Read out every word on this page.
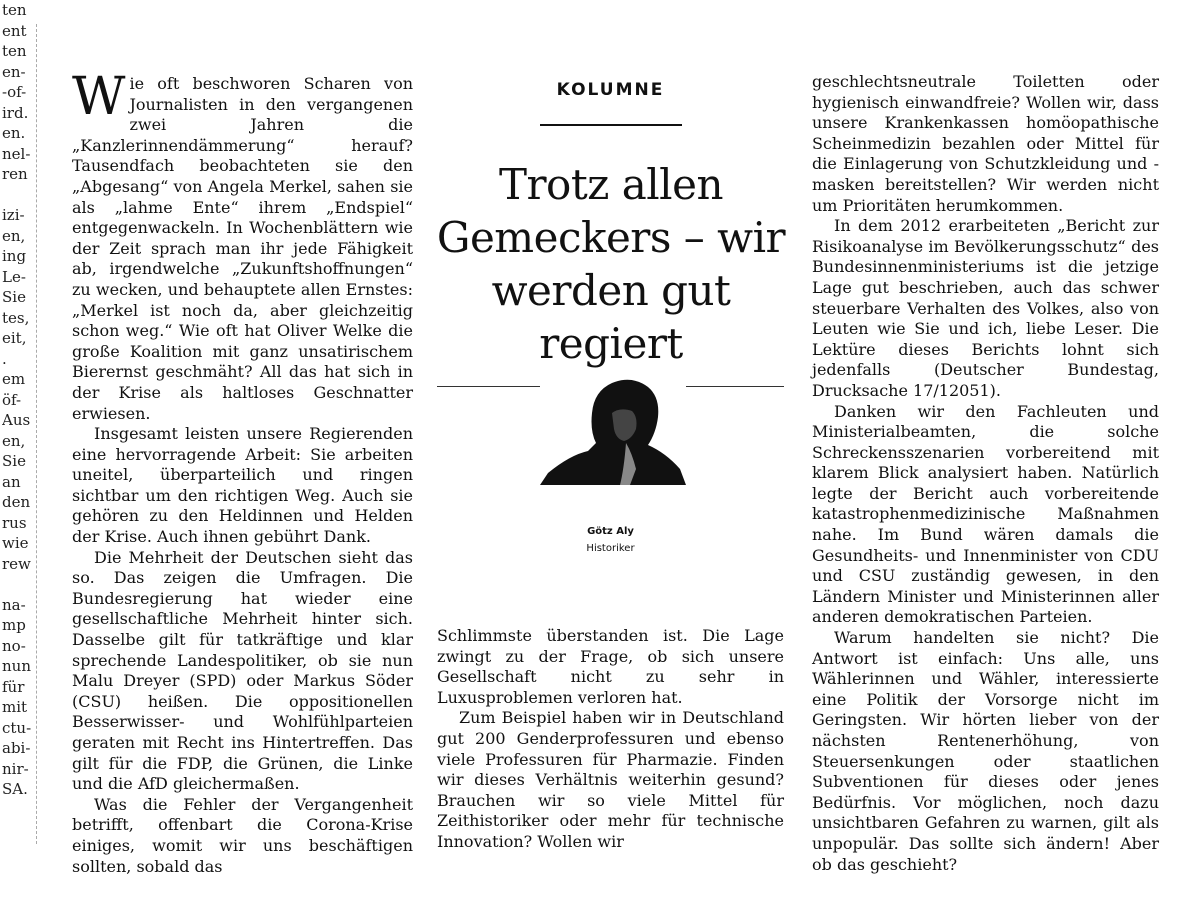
ten
ent
ten
en-
-of-
ird.
en.
nel-
ren

izi-
en,
ing
Le-
Sie
tes,
eit,
.
em
öf-
Aus
en,
Sie
an
den
rus
wie
rew

na-
mp
no-
nun
für
mit
ctu-
abi-
nir-
SA.

Wie oft beschworen Scharen von Journalisten in den vergangenen zwei Jahren die „Kanzlerinnendämmerung“ herauf? Tausendfach beobachteten sie den „Abgesang“ von Angela Merkel, sahen sie als „lahme Ente“ ihrem „Endspiel“ entgegenwackeln. In Wochenblättern wie der Zeit sprach man ihr jede Fähigkeit ab, irgendwelche „Zukunftshoffnungen“ zu wecken, und behauptete allen Ernstes: „Merkel ist noch da, aber gleichzeitig schon weg.“ Wie oft hat Oliver Welke die große Koalition mit ganz unsatirischem Bierernst geschmäht? All das hat sich in der Krise als haltloses Geschnatter erwiesen.

Insgesamt leisten unsere Regierenden eine hervorragende Arbeit: Sie arbeiten uneitel, überparteilich und ringen sichtbar um den richtigen Weg. Auch sie gehören zu den Heldinnen und Helden der Krise. Auch ihnen gebührt Dank.

Die Mehrheit der Deutschen sieht das so. Das zeigen die Umfragen. Die Bundesregierung hat wieder eine gesellschaftliche Mehrheit hinter sich. Dasselbe gilt für tatkräftige und klar sprechende Landespolitiker, ob sie nun Malu Dreyer (SPD) oder Markus Söder (CSU) heißen. Die oppositionellen Besserwisser- und Wohlfühlparteien geraten mit Recht ins Hintertreffen. Das gilt für die FDP, die Grünen, die Linke und die AfD gleichermaßen.

Was die Fehler der Vergangenheit betrifft, offenbart die Corona-Krise einiges, womit wir uns beschäftigen sollten, sobald das

KOLUMNE
Trotz allen Gemeckers – wir werden gut regiert
Götz Aly
Historiker

Schlimmste überstanden ist. Die Lage zwingt zu der Frage, ob sich unsere Gesellschaft nicht zu sehr in Luxusproblemen verloren hat.

Zum Beispiel haben wir in Deutschland gut 200 Genderprofessuren und ebenso viele Professuren für Pharmazie. Finden wir dieses Verhältnis weiterhin gesund? Brauchen wir so viele Mittel für Zeithistoriker oder mehr für technische Innovation? Wollen wir

geschlechtsneutrale Toiletten oder hygienisch einwandfreie? Wollen wir, dass unsere Krankenkassen homöopathische Scheinmedizin bezahlen oder Mittel für die Einlagerung von Schutzkleidung und -masken bereitstellen? Wir werden nicht um Prioritäten herumkommen.

In dem 2012 erarbeiteten „Bericht zur Risikoanalyse im Bevölkerungsschutz“ des Bundesinnenministeriums ist die jetzige Lage gut beschrieben, auch das schwer steuerbare Verhalten des Volkes, also von Leuten wie Sie und ich, liebe Leser. Die Lektüre dieses Berichts lohnt sich jedenfalls (Deutscher Bundestag, Drucksache 17/12051).

Danken wir den Fachleuten und Ministerialbeamten, die solche Schreckensszenarien vorbereitend mit klarem Blick analysiert haben. Natürlich legte der Bericht auch vorbereitende katastrophenmedizinische Maßnahmen nahe. Im Bund wären damals die Gesundheits- und Innenminister von CDU und CSU zuständig gewesen, in den Ländern Minister und Ministerinnen aller anderen demokratischen Parteien.

Warum handelten sie nicht? Die Antwort ist einfach: Uns alle, uns Wählerinnen und Wähler, interessierte eine Politik der Vorsorge nicht im Geringsten. Wir hörten lieber von der nächsten Rentenerhöhung, von Steuersenkungen oder staatlichen Subventionen für dieses oder jenes Bedürfnis. Vor möglichen, noch dazu unsichtbaren Gefahren zu warnen, gilt als unpopulär. Das sollte sich ändern! Aber ob das geschieht?
